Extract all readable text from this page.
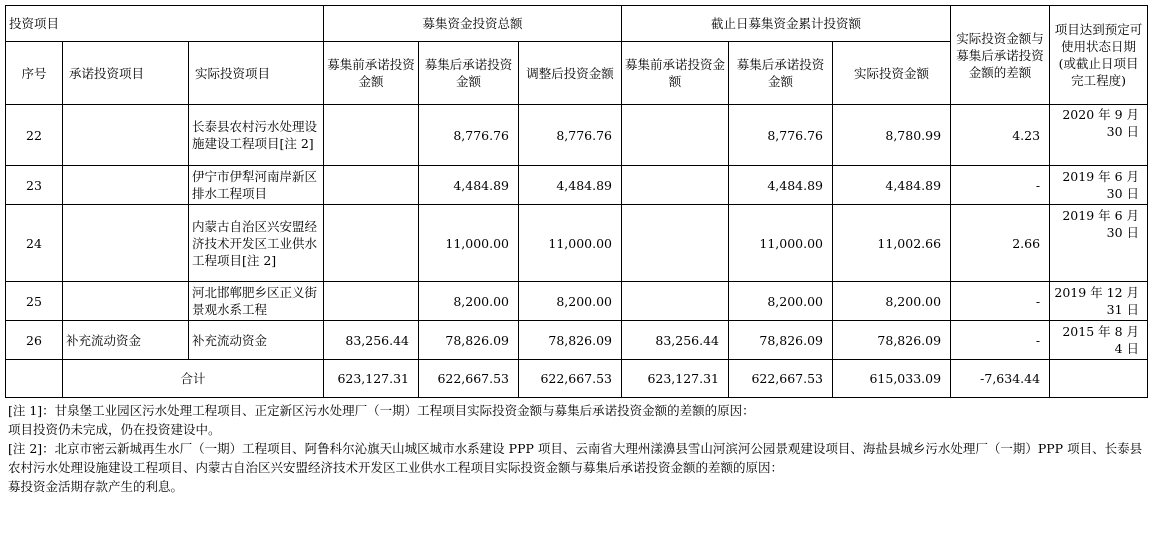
投资项目			募集资金投资总额			截止日募集资金累计投资额			实际投资金额与募集后承诺投资金额的差额	项目达到预定可使用状态日期(或截止日项目完工程度)
序号	承诺投资项目	实际投资项目	募集前承诺投资金额	募集后承诺投资金额	调整后投资金额	募集前承诺投资金额	募集后承诺投资金额	实际投资金额		
22		长泰县农村污水处理设施建设工程项目[注 2]		8,776.76	8,776.76		8,776.76	8,780.99	4.23	2020 年 9 月 30 日
23		伊宁市伊犁河南岸新区排水工程项目		4,484.89	4,484.89		4,484.89	4,484.89	-	2019 年 6 月 30 日
24		内蒙古自治区兴安盟经济技术开发区工业供水工程项目[注 2]		11,000.00	11,000.00		11,000.00	11,002.66	2.66	2019 年 6 月 30 日
25		河北邯郸肥乡区正义街景观水系工程		8,200.00	8,200.00		8,200.00	8,200.00	-	2019 年 12 月 31 日
26	补充流动资金	补充流动资金	83,256.44	78,826.09	78,826.09	83,256.44	78,826.09	78,826.09	-	2015 年 8 月 4 日
	合计		623,127.31	622,667.53	622,667.53	623,127.31	622,667.53	615,033.09	-7,634.44	

[注 1]：甘泉堡工业园区污水处理工程项目、正定新区污水处理厂（一期）工程项目实际投资金额与募集后承诺投资金额的差额的原因：

项目投资仍未完成，仍在投资建设中。

[注 2]：北京市密云新城再生水厂（一期）工程项目、阿鲁科尔沁旗天山城区城市水系建设 PPP 项目、云南省大理州漾濞县雪山河滨河公园景观建设项目、海盐县城乡污水处理厂（一期）PPP 项目、长泰县农村污水处理设施建设工程项目、内蒙古自治区兴安盟经济技术开发区工业供水工程项目实际投资金额与募集后承诺投资金额的差额的原因：

募投资金活期存款产生的利息。
